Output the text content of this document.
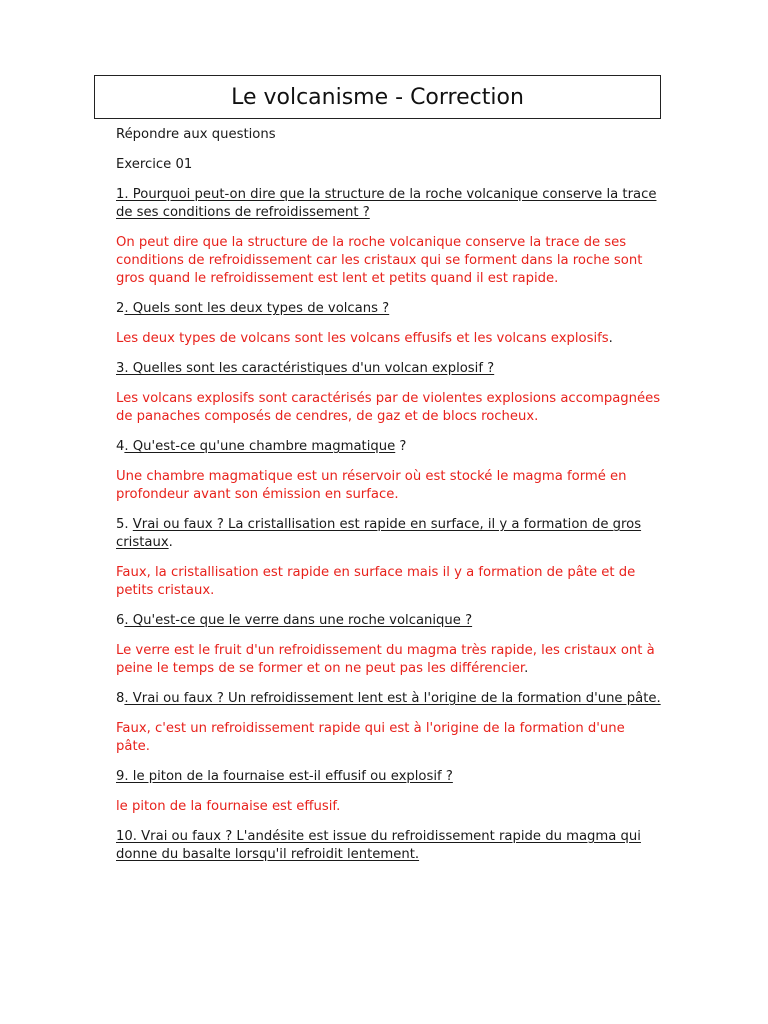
Le volcanisme - Correction
Répondre aux questions
Exercice 01
1. Pourquoi peut-on dire que la structure de la roche volcanique conserve la trace de ses conditions de refroidissement ?
On peut dire que la structure de la roche volcanique conserve la trace de ses conditions de refroidissement car les cristaux qui se forment dans la roche sont gros quand le refroidissement est lent et petits quand il est rapide.
2. Quels sont les deux types de volcans ?
Les deux types de volcans sont les volcans effusifs et les volcans explosifs.
3. Quelles sont les caractéristiques d'un volcan explosif ?
Les volcans explosifs sont caractérisés par de violentes explosions accompagnées de panaches composés de cendres, de gaz et de blocs rocheux.
4. Qu'est-ce qu'une chambre magmatique ?
Une chambre magmatique est un réservoir où est stocké le magma formé en profondeur avant son émission en surface.
5. Vrai ou faux ? La cristallisation est rapide en surface, il y a formation de gros cristaux.
Faux, la cristallisation est rapide en surface mais il y a formation de pâte et de petits cristaux.
6. Qu'est-ce que le verre dans une roche volcanique ?
Le verre est le fruit d'un refroidissement du magma très rapide, les cristaux ont à peine le temps de se former et on ne peut pas les différencier.
8. Vrai ou faux ? Un refroidissement lent est à l'origine de la formation d'une pâte.
Faux, c'est un refroidissement rapide qui est à l'origine de la formation d'une pâte.
9. le piton de la fournaise est-il effusif ou explosif ?
le piton de la fournaise est effusif.
10. Vrai ou faux ? L'andésite est issue du refroidissement rapide du magma qui donne du basalte lorsqu'il refroidit lentement.
